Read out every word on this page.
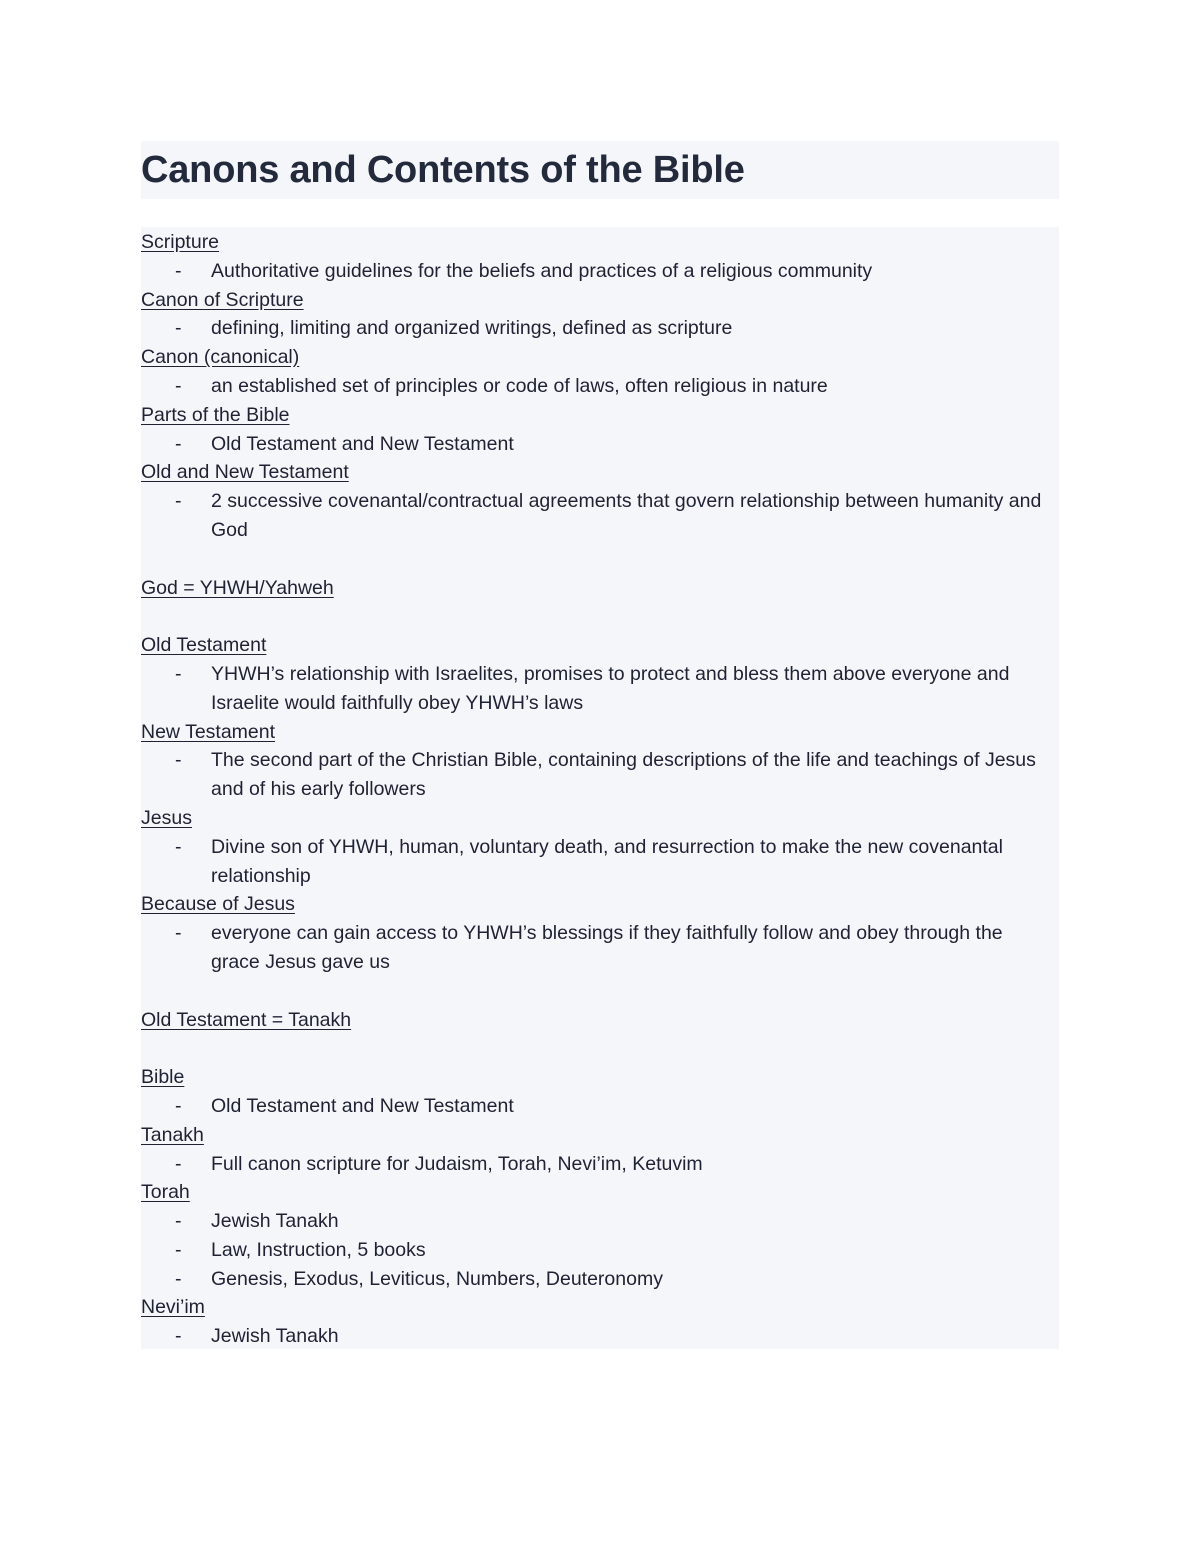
Canons and Contents of the Bible
Scripture
-	Authoritative guidelines for the beliefs and practices of a religious community
Canon of Scripture
-	defining, limiting and organized writings, defined as scripture
Canon (canonical)
-	an established set of principles or code of laws, often religious in nature
Parts of the Bible
-	Old Testament and New Testament
Old and New Testament
-	2 successive covenantal/contractual agreements that govern relationship between humanity and God
God = YHWH/Yahweh
Old Testament
-	YHWH’s relationship with Israelites, promises to protect and bless them above everyone and Israelite would faithfully obey YHWH’s laws
New Testament
-	The second part of the Christian Bible, containing descriptions of the life and teachings of Jesus and of his early followers
Jesus
-	Divine son of YHWH, human, voluntary death, and resurrection to make the new covenantal relationship
Because of Jesus
-	everyone can gain access to YHWH’s blessings if they faithfully follow and obey through the grace Jesus gave us
Old Testament = Tanakh
Bible
-	Old Testament and New Testament
Tanakh
-	Full canon scripture for Judaism, Torah, Nevi’im, Ketuvim
Torah
-	Jewish Tanakh
-	Law, Instruction, 5 books
-	Genesis, Exodus, Leviticus, Numbers, Deuteronomy
Nevi’im
-	Jewish Tanakh
